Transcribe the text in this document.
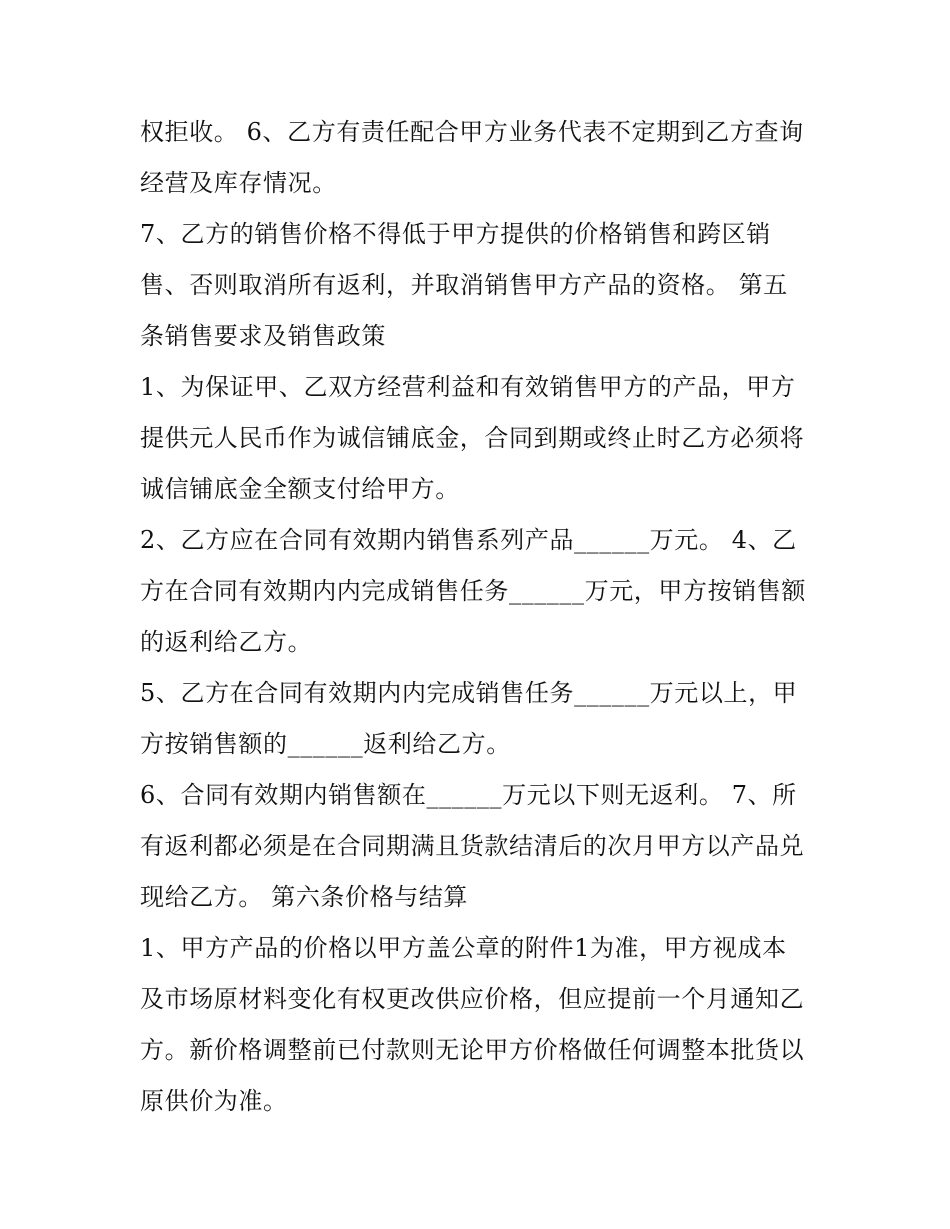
权拒收。 6、乙方有责任配合甲方业务代表不定期到乙方查询
经营及库存情况。
7、乙方的销售价格不得低于甲方提供的价格销售和跨区销
售、否则取消所有返利，并取消销售甲方产品的资格。 第五
条销售要求及销售政策
1、为保证甲、乙双方经营利益和有效销售甲方的产品，甲方
提供元人民币作为诚信铺底金，合同到期或终止时乙方必须将
诚信铺底金全额支付给甲方。
2、乙方应在合同有效期内销售系列产品______万元。 4、乙
方在合同有效期内内完成销售任务______万元，甲方按销售额
的返利给乙方。
5、乙方在合同有效期内内完成销售任务______万元以上，甲
方按销售额的______返利给乙方。
6、合同有效期内销售额在______万元以下则无返利。 7、所
有返利都必须是在合同期满且货款结清后的次月甲方以产品兑
现给乙方。 第六条价格与结算
1、甲方产品的价格以甲方盖公章的附件1为准，甲方视成本
及市场原材料变化有权更改供应价格，但应提前一个月通知乙
方。新价格调整前已付款则无论甲方价格做任何调整本批货以
原供价为准。
